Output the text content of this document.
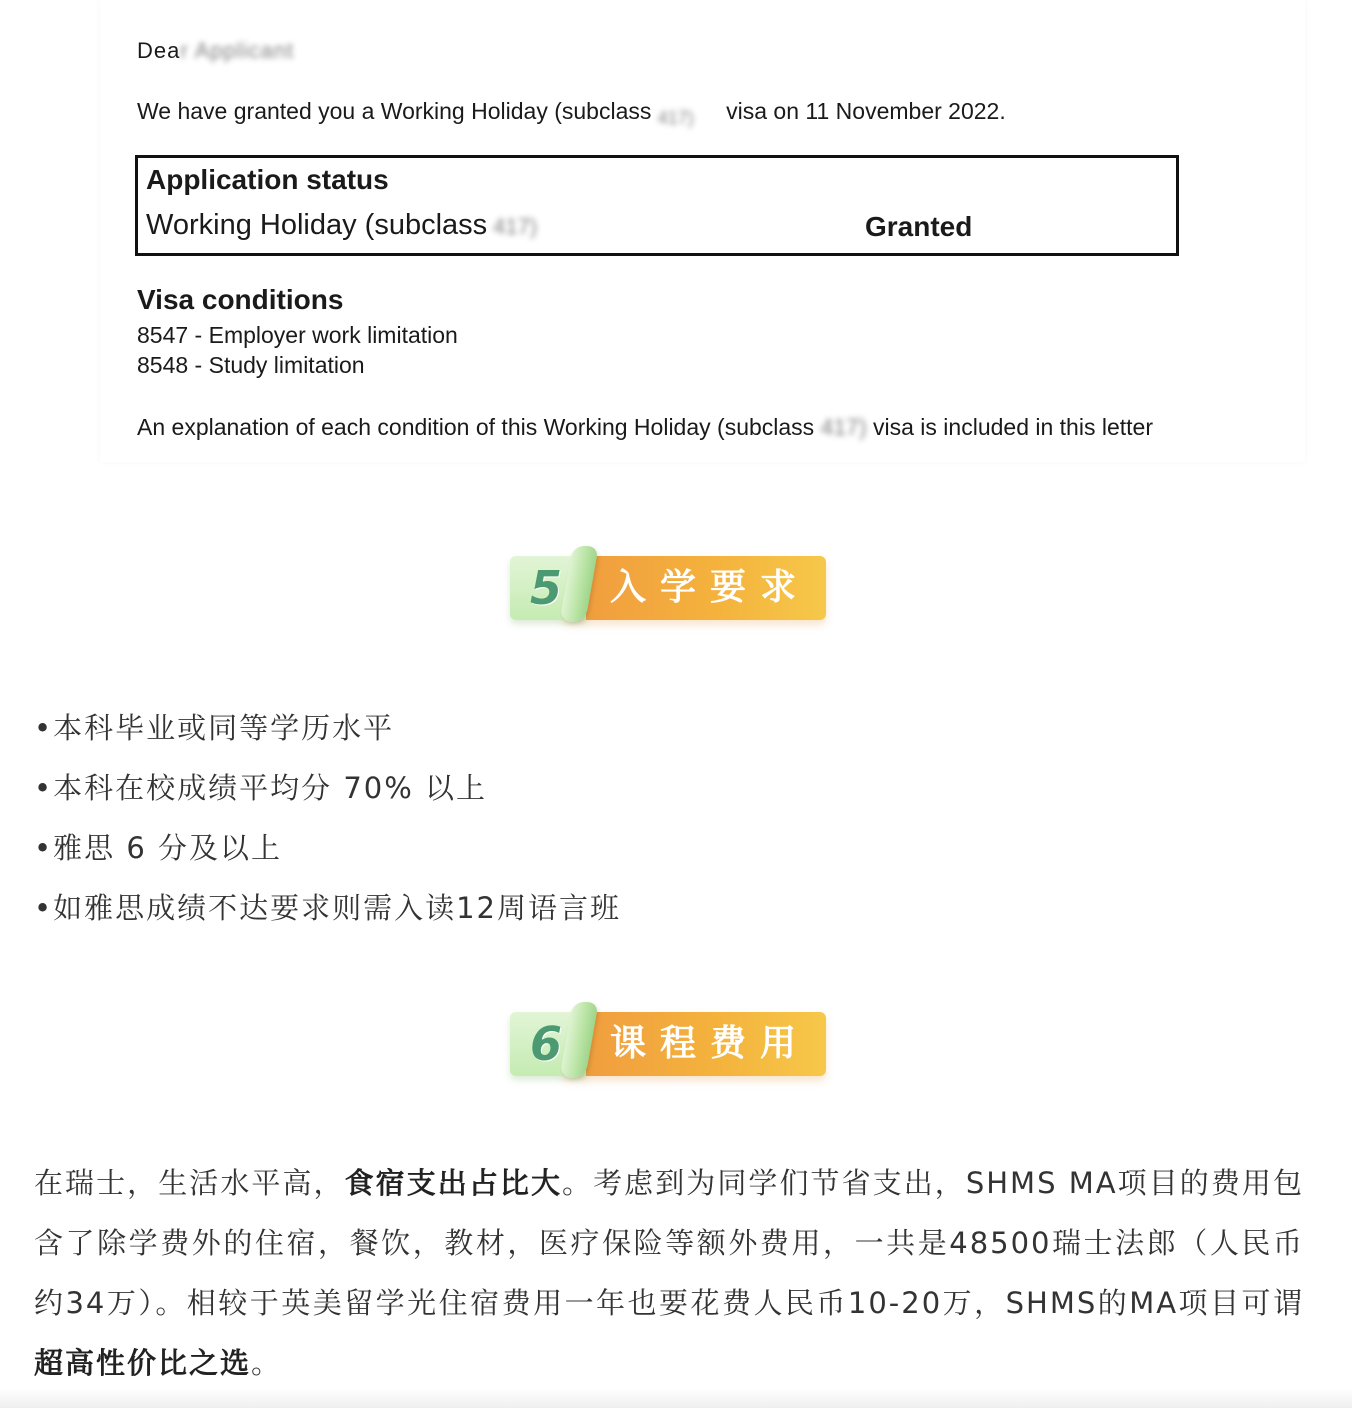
Dear Applicant
We have granted you a Working Holiday (subclass 417) visa on 11 November 2022.
Application status
Working Holiday (subclass 417)	Granted
Visa conditions
8547 - Employer work limitation
8548 - Study limitation
An explanation of each condition of this Working Holiday (subclass 417) visa is included in this letter
5 入学要求
•本科毕业或同等学历水平
•本科在校成绩平均分 70% 以上
•雅思 6 分及以上
•如雅思成绩不达要求则需入读12周语言班
6 课程费用

在瑞士，生活水平高，食宿支出占比大。考虑到为同学们节省支出，SHMS MA项目的费用包含了除学费外的住宿，餐饮，教材，医疗保险等额外费用，一共是48500瑞士法郎（人民币约34万）。相较于英美留学光住宿费用一年也要花费人民币10-20万，SHMS的MA项目可谓超高性价比之选。
